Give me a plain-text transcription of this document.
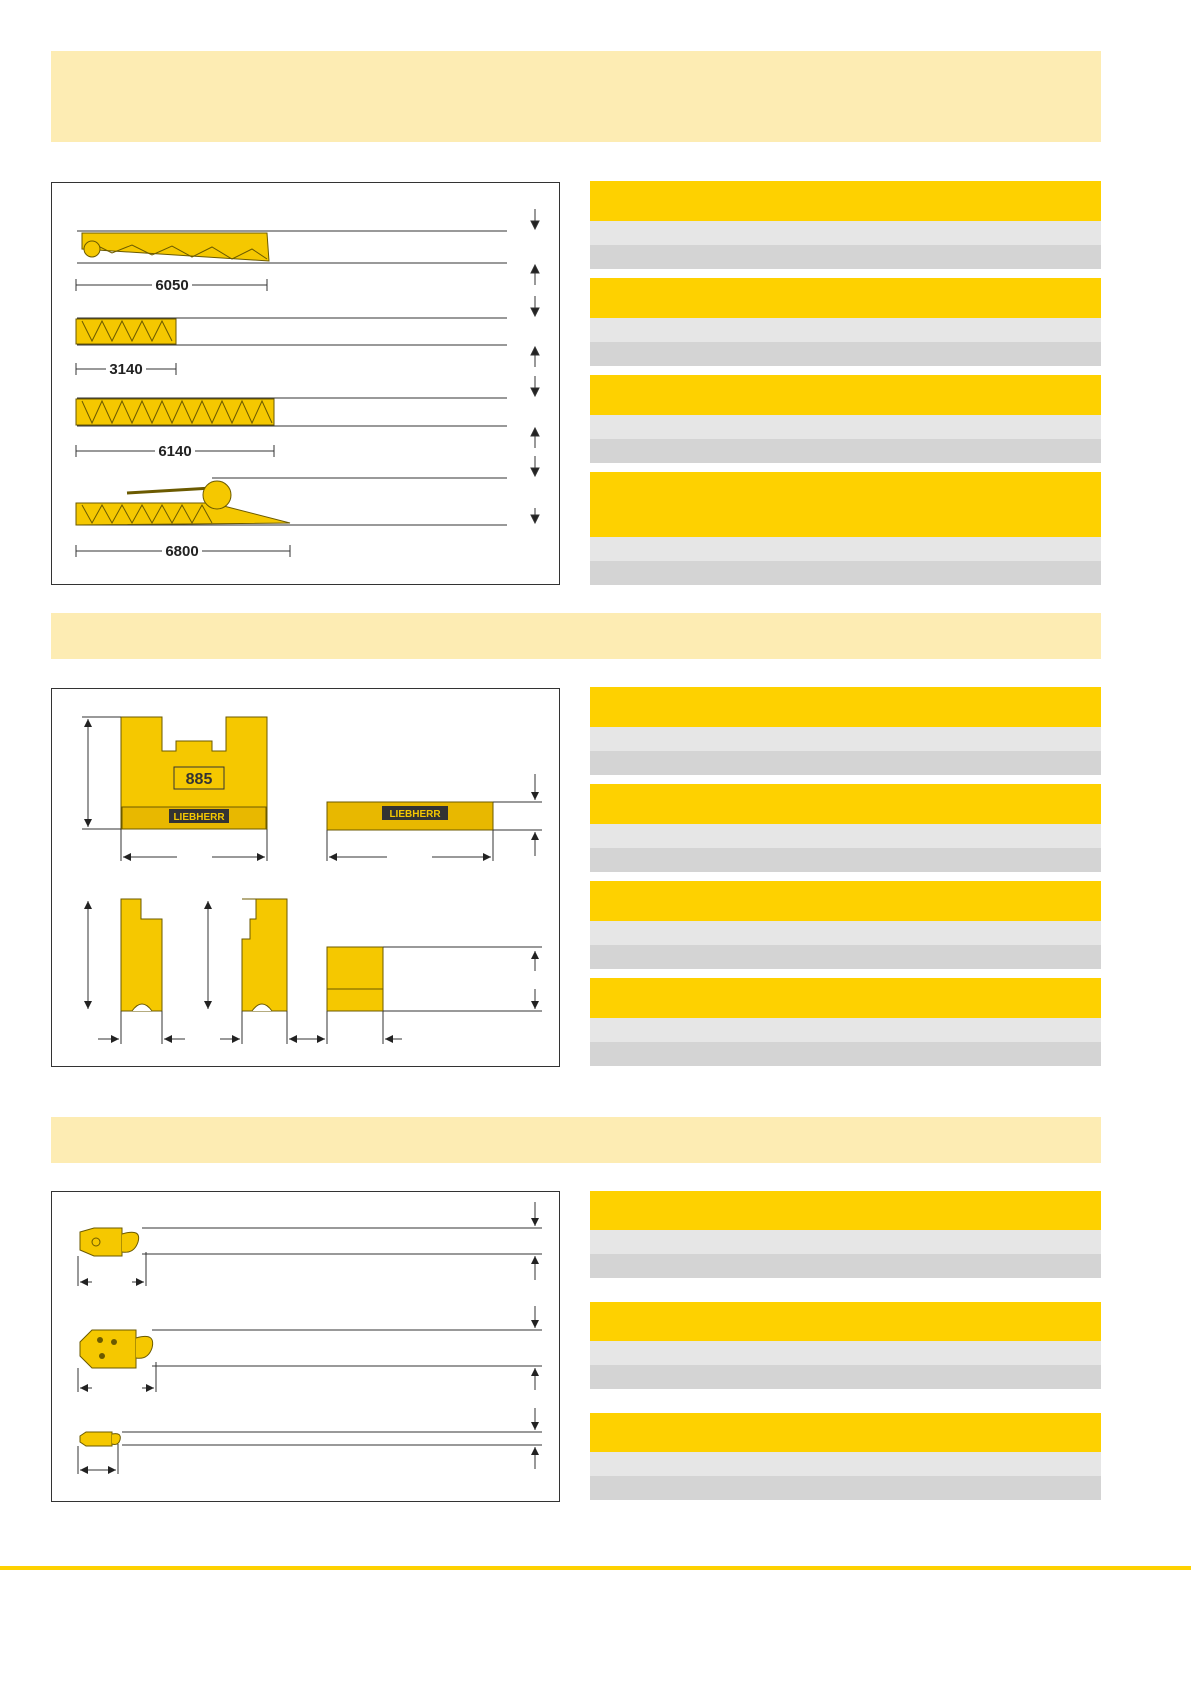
6050
3140
6140
6800
885
LIEBHERR	LIEBHERR
